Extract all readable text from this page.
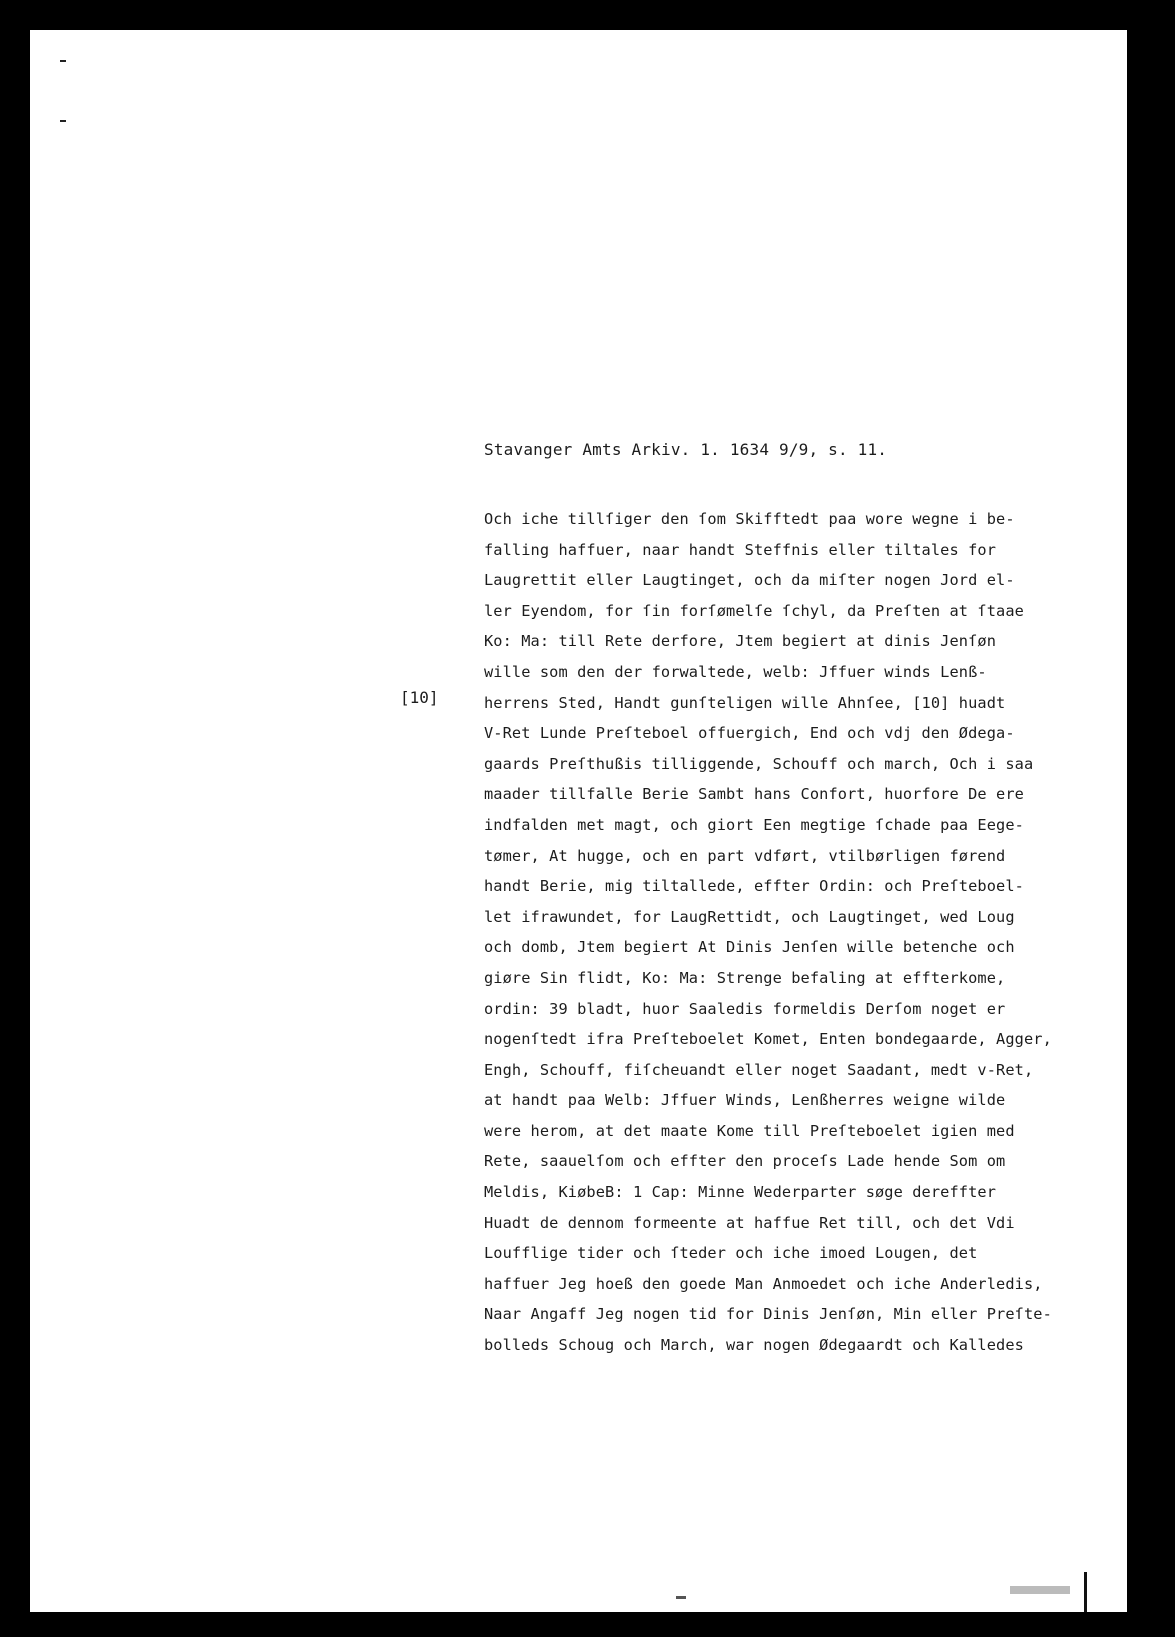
Stavanger Amts Arkiv. 1. 1634 9/9, s. 11.
[10]
Och iche tillſiger den ſom Skifftedt paa wore wegne i be-
falling haffuer, naar handt Steffnis eller tiltales for
Laugrettit eller Laugtinget, och da miſter nogen Jord el-
ler Eyendom, for ſin forſømelſe ſchyl, da Preſten at ſtaae
Ko: Ma: till Rete derfore, Jtem begiert at dinis Jenſøn
wille som den der forwaltede, welb: Jffuer winds Lenß-
herrens Sted, Handt gunſteligen wille Ahnſee, [10] huadt
V-Ret Lunde Preſteboel offuergich, End och vdj den Ødega-
gaards Preſthußis tilliggende, Schouff och march, Och i saa
maader tillfalle Berie Sambt hans Confort, huorfore De ere
indfalden met magt, och giort Een megtige ſchade paa Eege-
tømer, At hugge, och en part vdført, vtilbørligen førend
handt Berie, mig tiltallede, effter Ordin: och Preſteboel-
let ifrawundet, for LaugRettidt, och Laugtinget, wed Loug
och domb, Jtem begiert At Dinis Jenſen wille betenche och
giøre Sin flidt, Ko: Ma: Strenge befaling at effterkome,
ordin: 39 bladt, huor Saaledis formeldis Derſom noget er
nogenſtedt ifra Preſteboelet Komet, Enten bondegaarde, Agger,
Engh, Schouff, fiſcheuandt eller noget Saadant, medt v-Ret,
at handt paa Welb: Jffuer Winds, Lenßherres weigne wilde
were herom, at det maate Kome till Preſteboelet igien med
Rete, saauelſom och effter den proceſs Lade hende Som om
Meldis, KiøbeB: 1 Cap: Minne Wederparter søge dereffter
Huadt de dennom formeente at haffue Ret till, och det Vdi
Loufflige tider och ſteder och iche imoed Lougen, det
haffuer Jeg hoeß den goede Man Anmoedet och iche Anderledis,
Naar Angaff Jeg nogen tid for Dinis Jenſøn, Min eller Preſte-
bolleds Schoug och March, war nogen Ødegaardt och Kalledes
